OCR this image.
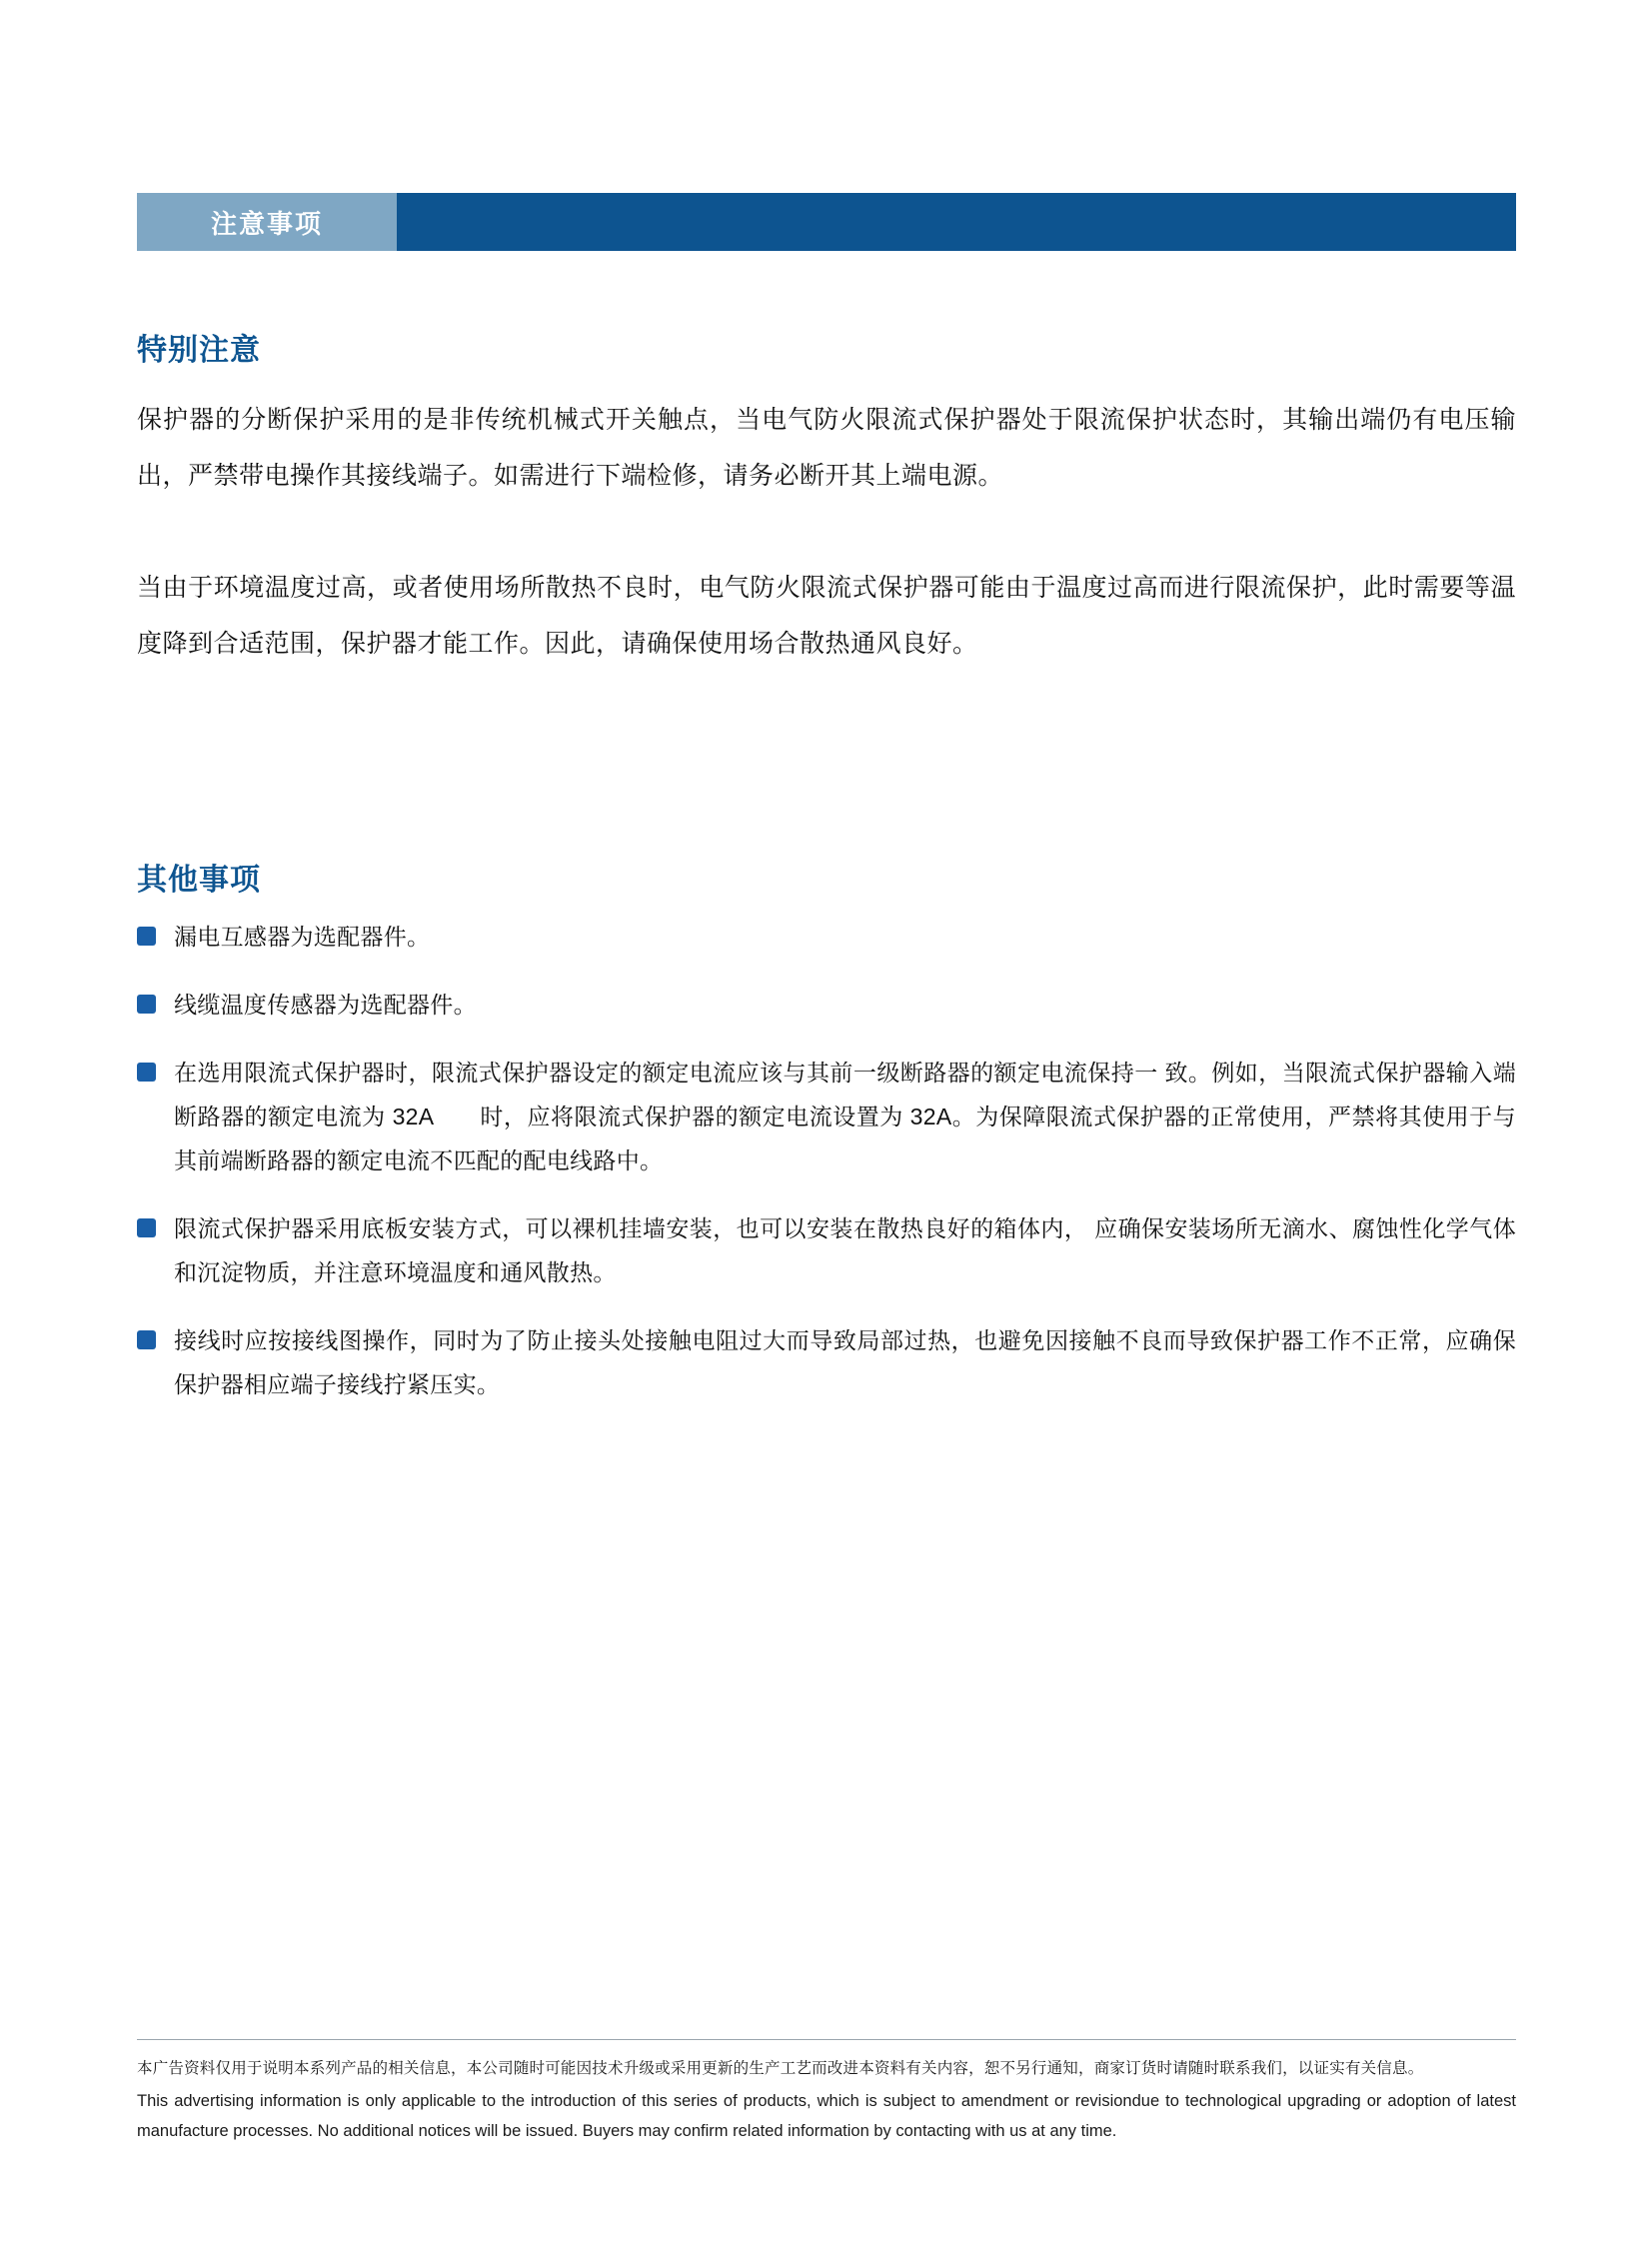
注意事项
特别注意
保护器的分断保护采用的是非传统机械式开关触点，当电气防火限流式保护器处于限流保护状态时，其输出端仍有电压输出，严禁带电操作其接线端子。如需进行下端检修，请务必断开其上端电源。
当由于环境温度过高，或者使用场所散热不良时，电气防火限流式保护器可能由于温度过高而进行限流保护，此时需要等温度降到合适范围，保护器才能工作。因此，请确保使用场合散热通风良好。
其他事项
漏电互感器为选配器件。
线缆温度传感器为选配器件。
在选用限流式保护器时，限流式保护器设定的额定电流应该与其前一级断路器的额定电流保持一 致。例如，当限流式保护器输入端断路器的额定电流为 32A　　时，应将限流式保护器的额定电流设置为 32A。为保障限流式保护器的正常使用，严禁将其使用于与其前端断路器的额定电流不匹配的配电线路中。
限流式保护器采用底板安装方式，可以裸机挂墙安装，也可以安装在散热良好的箱体内， 应确保安装场所无滴水、腐蚀性化学气体和沉淀物质，并注意环境温度和通风散热。
接线时应按接线图操作，同时为了防止接头处接触电阻过大而导致局部过热，也避免因接触不良而导致保护器工作不正常，应确保保护器相应端子接线拧紧压实。
本广告资料仅用于说明本系列产品的相关信息，本公司随时可能因技术升级或采用更新的生产工艺而改进本资料有关内容，恕不另行通知，商家订货时请随时联系我们，以证实有关信息。
This advertising information is only applicable to the introduction of this series of products, which is subject to amendment or revisiondue to technological upgrading or adoption of latest manufacture processes. No additional notices will be issued. Buyers may confirm related information by contacting with us at any time.
